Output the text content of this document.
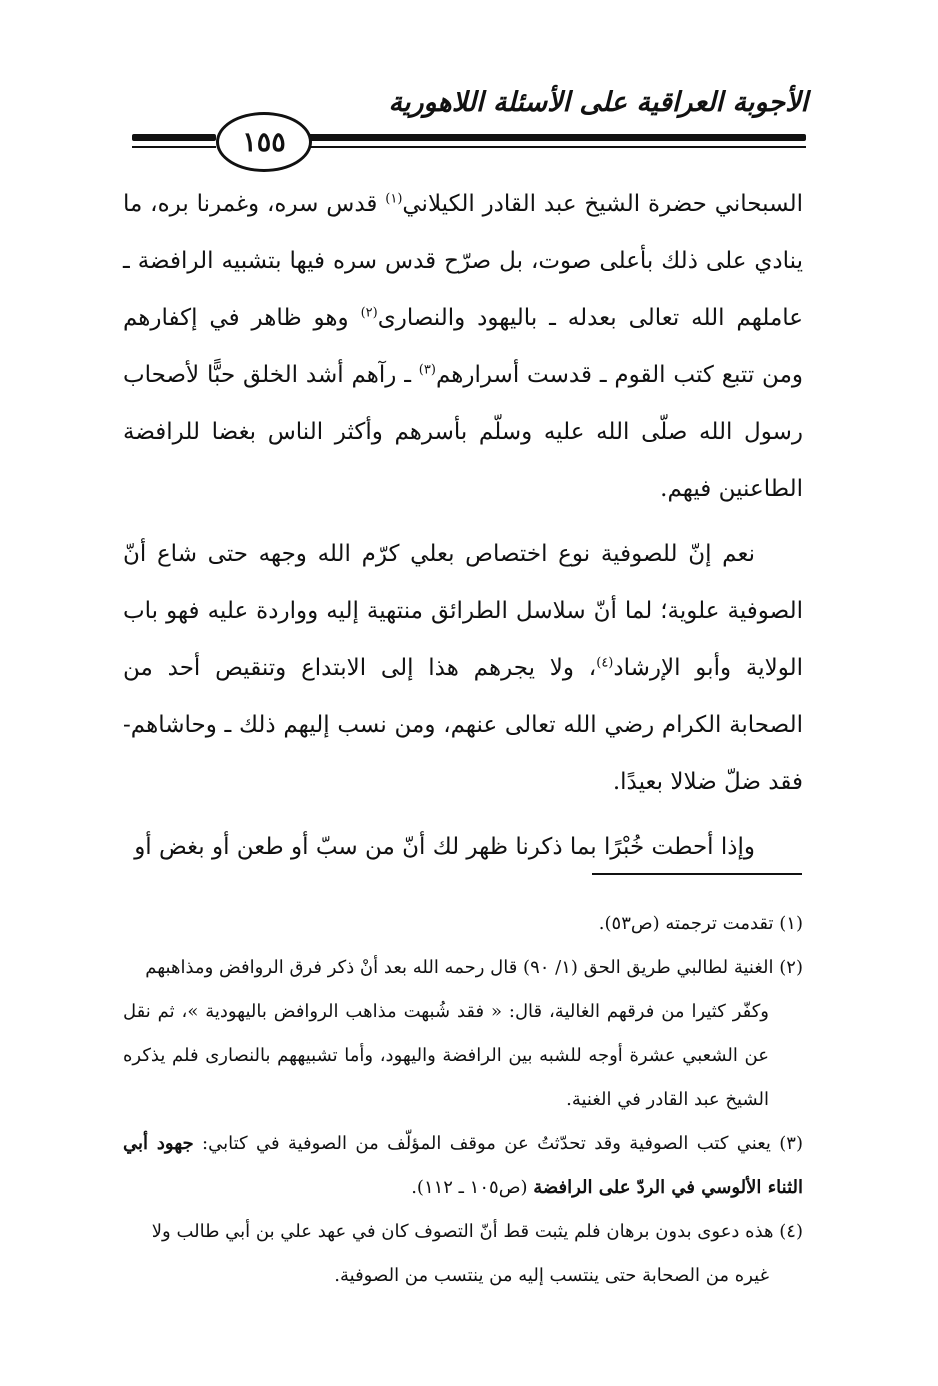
الأجوبة العراقية على الأسئلة اللاهورية
١٥٥

السبحاني حضرة الشيخ عبد القادر الكيلاني$^{(١)}$ قدس سره، وغمرنا بره، ما ينادي على ذلك بأعلى صوت، بل صرّح قدس سره فيها بتشبيه الرافضة ـ عاملهم الله تعالى بعدله ـ باليهود والنصارى$^{(٢)}$ وهو ظاهر في إكفارهم ومن تتبع كتب القوم ـ قدست أسرارهم$^{(٣)}$ ـ رآهم أشد الخلق حبًّا لأصحاب رسول الله صلّى الله عليه وسلّم بأسرهم وأكثر الناس بغضا للرافضة الطاعنين فيهم.

نعم إنّ للصوفية نوع اختصاص بعلي كرّم الله وجهه حتى شاع أنّ الصوفية علوية؛ لما أنّ سلاسل الطرائق منتهية إليه وواردة عليه فهو باب الولاية وأبو الإرشاد$^{(٤)}$، ولا يجرهم هذا إلى الابتداع وتنقيص أحد من الصحابة الكرام رضي الله تعالى عنهم، ومن نسب إليهم ذلك ـ وحاشاهم- فقد ضلّ ضلالا بعيدًا.

وإذا أحطت خُبْرًا بما ذكرنا ظهر لك أنّ من سبّ أو طعن أو بغض أو

(١) تقدمت ترجمته (ص٥٣).

(٢) الغنية لطالبي طريق الحق (١/ ٩٠) قال رحمه الله بعد أنْ ذكر فرق الروافض ومذاهبهم
وكفّر كثيرا من فرقهم الغالية، قال: « فقد شُبهت مذاهب الروافض باليهودية »، ثم نقل عن الشعبي عشرة أوجه للشبه بين الرافضة واليهود، وأما تشبيههم بالنصارى فلم يذكره الشيخ عبد القادر في الغنية.

(٣) يعني كتب الصوفية وقد تحدّثتُ عن موقف المؤلّف من الصوفية في كتابي: جهود أبي الثناء الألوسي في الردّ على الرافضة (ص١٠٥ ـ ١١٢).

(٤) هذه دعوى بدون برهان فلم يثبت قط أنّ التصوف كان في عهد علي بن أبي طالب ولا
غيره من الصحابة حتى ينتسب إليه من ينتسب من الصوفية.
